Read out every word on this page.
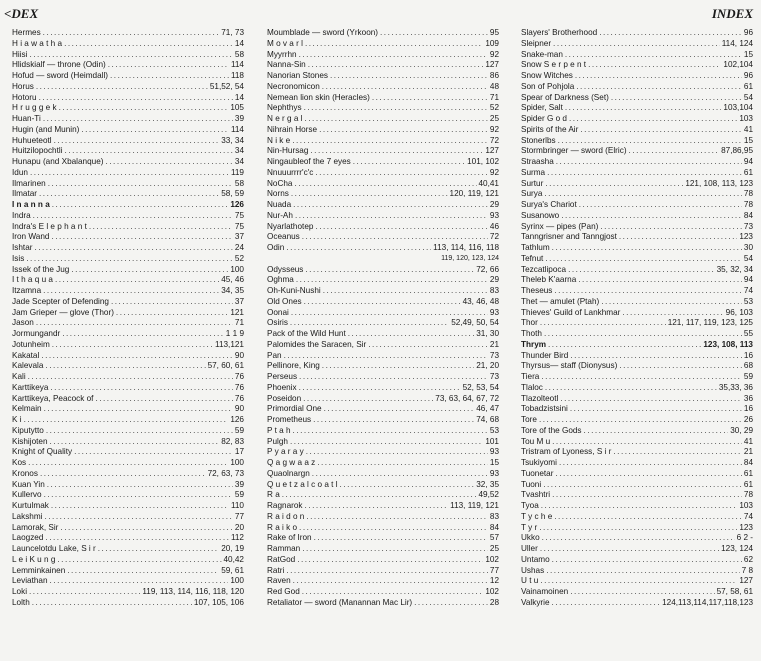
<DEX	INDEX
Hermes .....	71, 73
H i a w a t h a .....	14
Hiisi .....	58
Hlidskialf — throne (Odin) .....	114
Hofud — sword (Heimdall) .....	118
Horus .....	51,52, 54
Hotoru .....	14
H r u g g e k .....	105
Huan-Ti .....	39
Hugin (and Munin) .....	114
Huhueteotl .....	33, 34
Huitzilopochtli .....	34
Hunapu (and Xbalanque) .....	34
Idun .....	119
Ilmarinen .....	58
Ilmatar .....	58, 59
I n a n n a .....	126
Indra .....	75
Indra's E l e p h a n t .....	75
Iron Wand .....	37
Ishtar .....	24
Isis .....	52
Issek of the Jug .....	100
I t h a q u a .....	45, 46
Itzamna .....	34, 35
Jade Scepter of Defending .....	37
Jam Grieper — glove (Thor) .....	121
Jason .....	71
Jormungandr .....	1 1 9
Jotunheim .....	113,121
Kakatal .....	90
Kalevala .....	57, 60, 61
Kali .....	76
Karttikeya .....	76
Karttikeya, Peacock of .....	76
Kelmain .....	90
K i .....	126
Kiputytto .....	59
Kishijoten .....	82, 83
Knight of Quality .....	17
Kos .....	100
Kronos .....	72, 63, 73
Kuan Yin .....	39
Kullervo .....	59
Kurtulmak .....	110
Lakshmi .....	77
Lamorak, Sir .....	20
Laogzed .....	112
Launcelotdu Lake, S i r .....	20, 19
L e i K u n g .....	40,42
Lemminkainen .....	59, 61
Leviathan .....	100
Loki .....	119, 113, 114, 116, 118, 120
Lolth .....	107, 105, 106
Moumblade — sword (Yrkoon) .....	95
M o v a r l .....	109
Myyrrhn .....	92
Nanna-Sin .....	127
Nanorian Stones .....	86
Necronomicon .....	48
Nemean lion skin (Heracles) .....	71
Nephthys .....	52
N e r g a l .....	25
Nihrain Horse .....	92
N i k e .....	72
Nin-Hursag .....	127
Ningaubleof the 7 eyes .....	101, 102
Nnuuurrrr'c'c .....	92
NoCha .....	40,41
Norns .....	120, 119, 121
Nuada .....	29
Nur-Ah .....	93
Nyarlathotep .....	46
Oceanus .....	72
Odin .....	113, 114, 116, 118
119, 120, 123, 124
Odysseus .....	72, 66
Oghma .....	29
Oh-Kuni-Nushi .....	83
Old Ones .....	43, 46, 48
Oonai .....	93
Osiris .....	52,49, 50, 54
Pack of the Wild Hunt .....	31, 30
Palomides the Saracen, Sir .....	21
Pan .....	73
Pellinore, King .....	21, 20
Perseus .....	73
Phoenix .....	52, 53, 54
Poseidon .....	73, 63, 64, 67, 72
Primordial One .....	46, 47
Prometheus .....	74, 68
P t a h .....	53
Pulgh .....	101
P y a r a y .....	93
Q a g w a a z .....	15
Quaolnargn .....	93
Q u e t z a l c o a t l .....	32, 35
R a .....	49,52
Ragnarok .....	113, 119, 121
R a i d o n .....	83
R a i k o .....	84
Rake of Iron .....	57
Ramman .....	25
RatGod .....	102
Ratri .....	77
Raven .....	12
Red God .....	102
Retaliator — sword (Manannan Mac Lir) .....	28
Slayers' Brotherhood .....	96
Sleipner .....	114, 124
Snake-man .....	15
Snow S e r p e n t .....	102,104
Snow Witches .....	96
Son of Pohjola .....	61
Spear of Darkness (Set) .....	54
Spider, Salt .....	103,104
Spider G o d .....	103
Spirits of the Air .....	41
Stonerlbs .....	15
Stormbringer — sword (Elric) .....	87,86,95
Straasha .....	94
Surma .....	61
Surtur .....	121, 108, 113, 123
Surya .....	78
Surya's Chariot .....	78
Susanowo .....	84
Syrinx — pipes (Pan) .....	73
Tanngrisner and Tanngjost .....	123
Tathlum .....	30
Tefnut .....	54
Tezcatlipoca .....	35, 32, 34
Theleb K'aarna .....	94
Theseus .....	74
Thet — amulet (Ptah) .....	53
Thieves' Guild of Lankhmar .....	96, 103
Thor .....	121, 117, 119, 123, 125
Thoth .....	55
Thrym .....	123, 108, 113
Thunder Bird .....	16
Thyrsus— staff (Dionysus) .....	68
Tiera .....	59
Tlaloc .....	35,33, 36
Tlazolteotl .....	36
Tobadzistsini .....	16
Tore .....	26
Tore of the Gods .....	30, 29
Tou M u .....	41
Tristram of Lyoness, S i r .....	21
Tsukiyomi .....	84
Tuonetar .....	61
Tuoni .....	61
Tvashtri .....	78
Tyoa .....	103
T y c h e .....	74
T y r .....	123
Ukko .....	6 2 -
Uller .....	123, 124
Untamo .....	62
Ushas .....	7 8
U t u .....	127
Vainamoinen .....	57, 58, 61
Valkyrie .....	124,113,114,117,118,123
